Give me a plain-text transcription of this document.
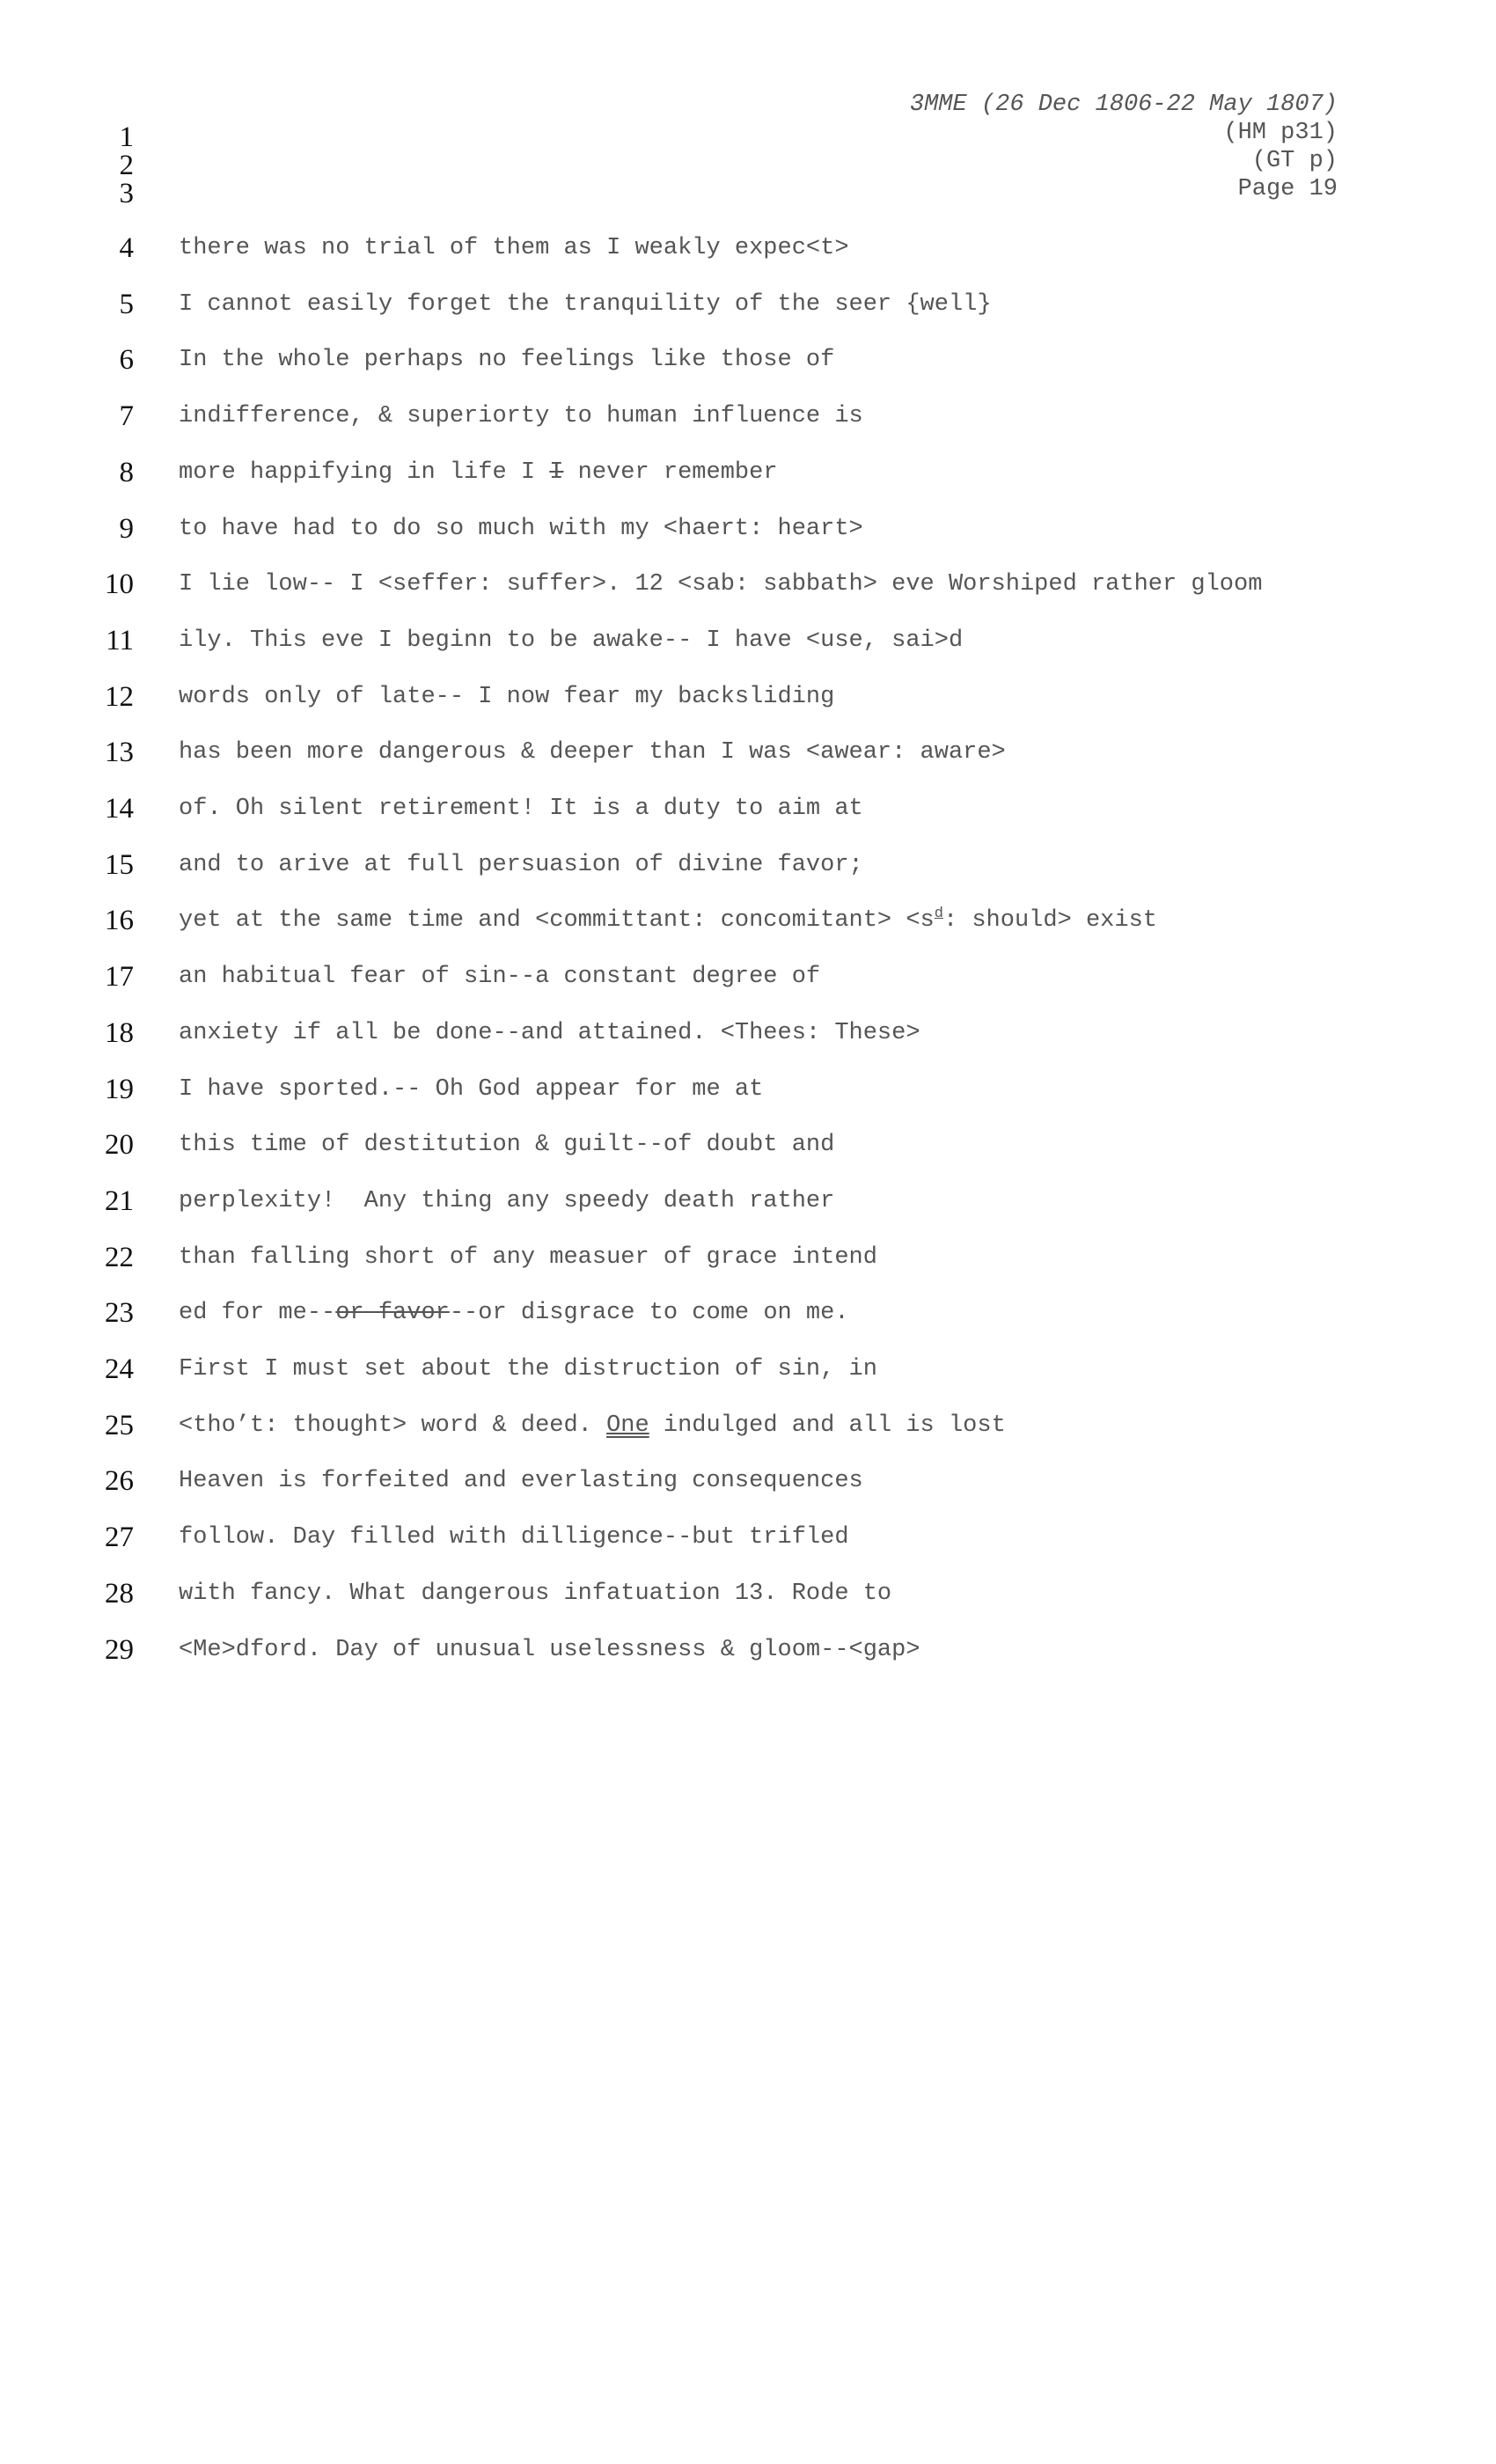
3MME (26 Dec 1806-22 May 1807)
(HM p31)
(GT p)
Page 19
1
2
3
4 there was no trial of them as I weakly expec<t>
5 I cannot easily forget the tranquility of the seer {well}
6 In the whole perhaps no feelings like those of
7 indifference, & superiorty to human influence is
8 more happifying in life I I never remember
9 to have had to do so much with my <haert: heart>
10 I lie low-- I <seffer: suffer>. 12 <sab: sabbath> eve Worshiped rather gloom
11 ily. This eve I beginn to be awake-- I have <use, sai>d
12 words only of late-- I now fear my backsliding
13 has been more dangerous & deeper than I was <awear: aware>
14 of. Oh silent retirement! It is a duty to aim at
15 and to arive at full persuasion of divine favor;
16 yet at the same time and <committant: concomitant> $<s^d$: should> exist
17 an habitual fear of sin--a constant degree of
18 anxiety if all be done--and attained. <Thees: These>
19 I have sported.-- Oh God appear for me at
20 this time of destitution & guilt--of doubt and
21 perplexity!  Any thing any speedy death rather
22 than falling short of any measuer of grace intend
23 ed for me--or favor--or disgrace to come on me.
24 First I must set about the distruction of sin, in
25 <tho’t: thought> word & deed. One indulged and all is lost
26 Heaven is forfeited and everlasting consequences
27 follow. Day filled with dilligence--but trifled
28 with fancy. What dangerous infatuation 13. Rode to
29 <Me>dford. Day of unusual uselessness & gloom--<gap>
